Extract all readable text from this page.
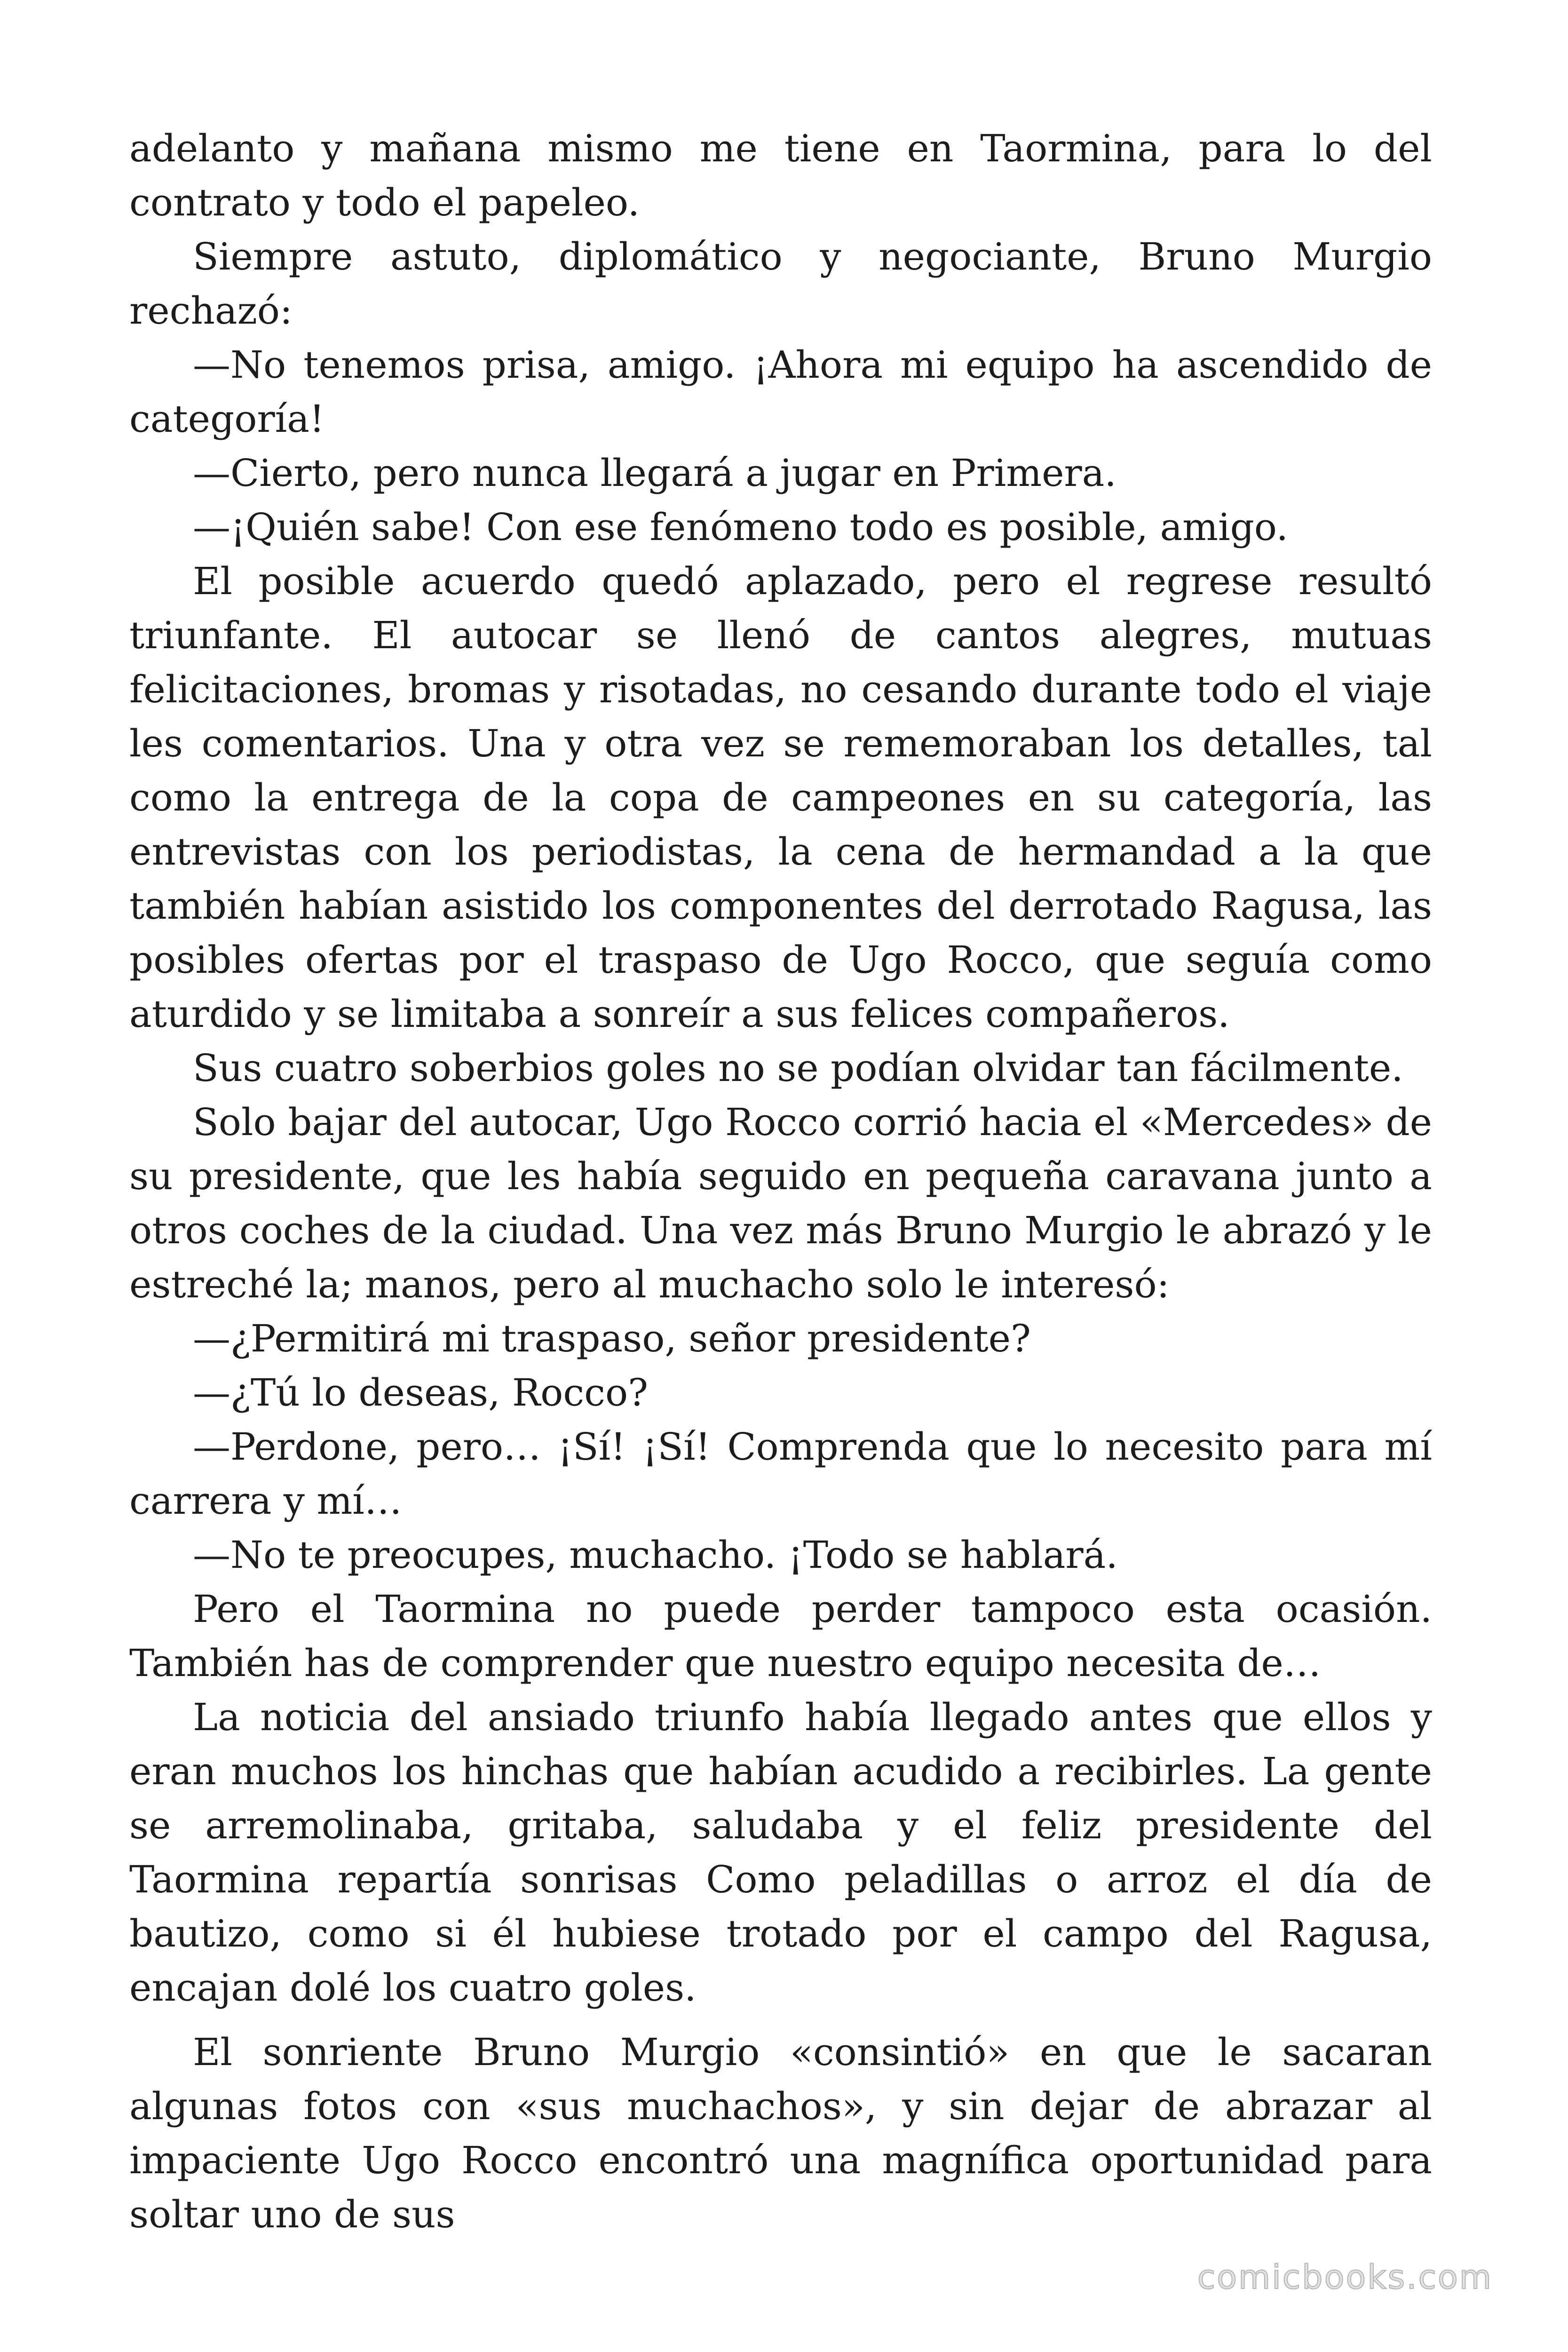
adelanto y mañana mismo me tiene en Taormina, para lo del contrato y todo el papeleo.

Siempre astuto, diplomático y negociante, Bruno Murgio rechazó:

—No tenemos prisa, amigo. ¡Ahora mi equipo ha ascendido de categoría!

—Cierto, pero nunca llegará a jugar en Primera.

—¡Quién sabe! Con ese fenómeno todo es posible, amigo.

El posible acuerdo quedó aplazado, pero el regrese resultó triunfante. El autocar se llenó de cantos alegres, mutuas felicitaciones, bromas y risotadas, no cesando durante todo el viaje les comentarios. Una y otra vez se rememoraban los detalles, tal como la entrega de la copa de campeones en su categoría, las entrevistas con los periodistas, la cena de hermandad a la que también habían asistido los componentes del derrotado Ragusa, las posibles ofertas por el traspaso de Ugo Rocco, que seguía como aturdido y se limitaba a sonreír a sus felices compañeros.

Sus cuatro soberbios goles no se podían olvidar tan fácilmente.

Solo bajar del autocar, Ugo Rocco corrió hacia el «Mercedes» de su presidente, que les había seguido en pequeña caravana junto a otros coches de la ciudad. Una vez más Bruno Murgio le abrazó y le estreché la; manos, pero al muchacho solo le interesó:

—¿Permitirá mi traspaso, señor presidente?

—¿Tú lo deseas, Rocco?

—Perdone, pero… ¡Sí! ¡Sí! Comprenda que lo necesito para mí carrera y mí…

—No te preocupes, muchacho. ¡Todo se hablará.

Pero el Taormina no puede perder tampoco esta ocasión. También has de comprender que nuestro equipo necesita de…

La noticia del ansiado triunfo había llegado antes que ellos y eran muchos los hinchas que habían acudido a recibirles. La gente se arremolinaba, gritaba, saludaba y el feliz presidente del Taormina repartía sonrisas Como peladillas o arroz el día de bautizo, como si él hubiese trotado por el campo del Ragusa, encajan dolé los cuatro goles.

El sonriente Bruno Murgio «consintió» en que le sacaran algunas fotos con «sus muchachos», y sin dejar de abrazar al impaciente Ugo Rocco encontró una magnífica oportunidad para soltar uno de sus

comicbooks.com
